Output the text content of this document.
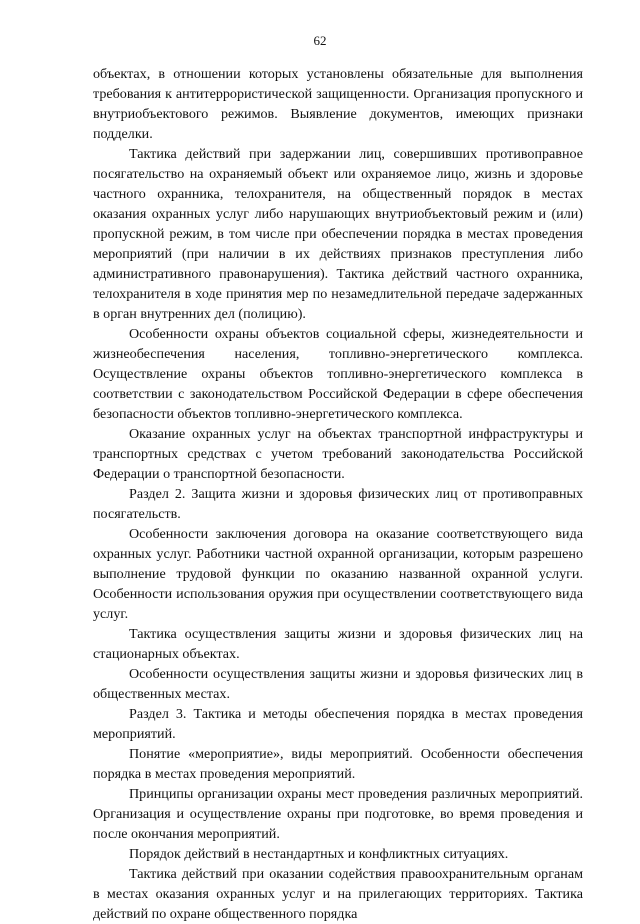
62

объектах, в отношении которых установлены обязательные для выполнения требования к антитеррористической защищенности. Организация пропускного и внутриобъектового режимов. Выявление документов, имеющих признаки подделки.

Тактика действий при задержании лиц, совершивших противоправное посягательство на охраняемый объект или охраняемое лицо, жизнь и здоровье частного охранника, телохранителя, на общественный порядок в местах оказания охранных услуг либо нарушающих внутриобъектовый режим и (или) пропускной режим, в том числе при обеспечении порядка в местах проведения мероприятий (при наличии в их действиях признаков преступления либо административного правонарушения). Тактика действий частного охранника, телохранителя в ходе принятия мер по незамедлительной передаче задержанных в орган внутренних дел (полицию).

Особенности охраны объектов социальной сферы, жизнедеятельности и жизнеобеспечения населения, топливно-энергетического комплекса. Осуществление охраны объектов топливно-энергетического комплекса в соответствии с законодательством Российской Федерации в сфере обеспечения безопасности объектов топливно-энергетического комплекса.

Оказание охранных услуг на объектах транспортной инфраструктуры и транспортных средствах с учетом требований законодательства Российской Федерации о транспортной безопасности.

Раздел 2. Защита жизни и здоровья физических лиц от противоправных посягательств.

Особенности заключения договора на оказание соответствующего вида охранных услуг. Работники частной охранной организации, которым разрешено выполнение трудовой функции по оказанию названной охранной услуги. Особенности использования оружия при осуществлении соответствующего вида услуг.

Тактика осуществления защиты жизни и здоровья физических лиц на стационарных объектах.

Особенности осуществления защиты жизни и здоровья физических лиц в общественных местах.

Раздел 3. Тактика и методы обеспечения порядка в местах проведения мероприятий.

Понятие «мероприятие», виды мероприятий. Особенности обеспечения порядка в местах проведения мероприятий.

Принципы организации охраны мест проведения различных мероприятий. Организация и осуществление охраны при подготовке, во время проведения и после окончания мероприятий.

Порядок действий в нестандартных и конфликтных ситуациях.

Тактика действий при оказании содействия правоохранительным органам в местах оказания охранных услуг и на прилегающих территориях. Тактика действий по охране общественного порядка
